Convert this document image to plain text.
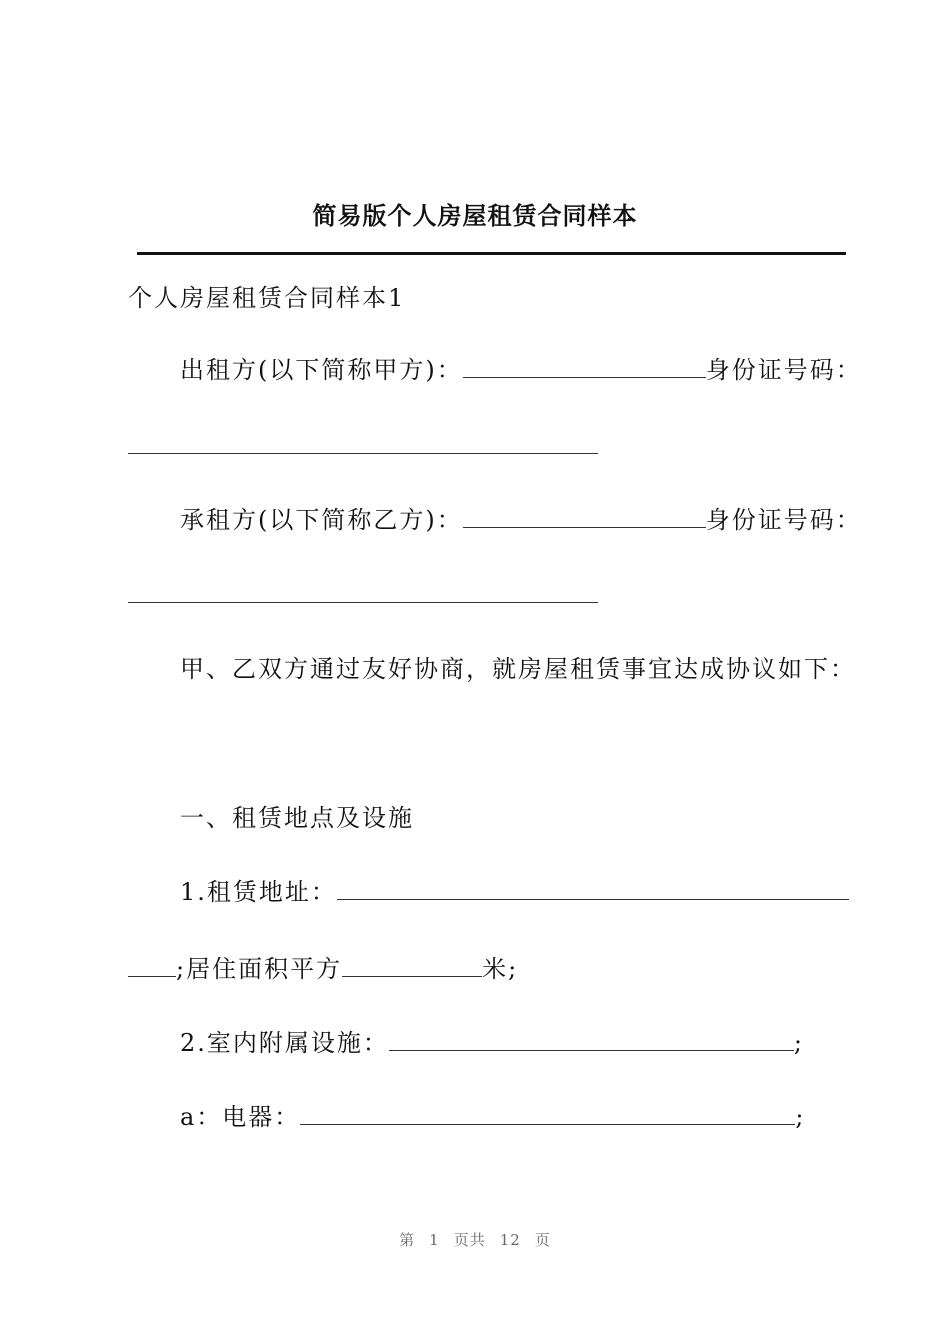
简易版个人房屋租赁合同样本
个人房屋租赁合同样本1
出租方(以下简称甲方)：	身份证号码：
承租方(以下简称乙方)：	身份证号码：
甲、乙双方通过友好协商，就房屋租赁事宜达成协议如下：
一、租赁地点及设施
1.租赁地址：
;居住面积平方	米;
2.室内附属设施：	;
a：电器：	;
第 1 页共 12 页
